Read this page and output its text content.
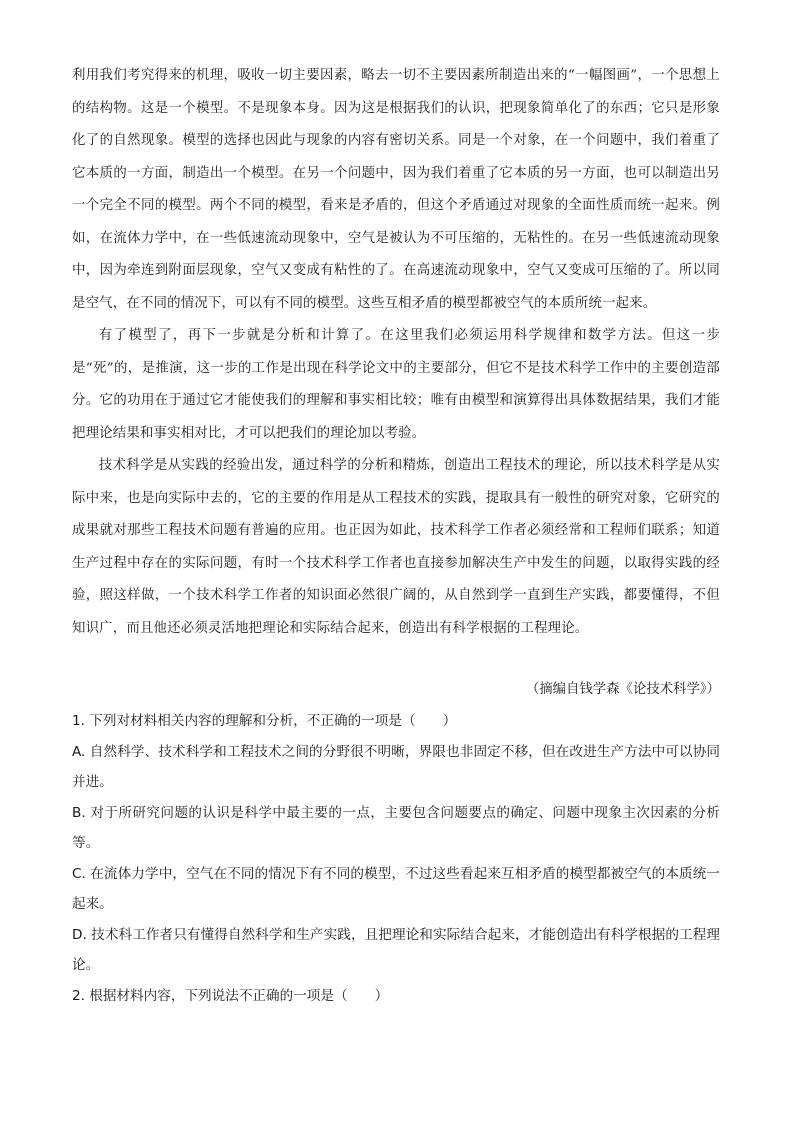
利用我们考究得来的机理，吸收一切主要因素，略去一切不主要因素所制造出来的“一幅图画”，一个思想上的结构物。这是一个模型。不是现象本身。因为这是根据我们的认识，把现象简单化了的东西；它只是形象化了的自然现象。模型的选择也因此与现象的内容有密切关系。同是一个对象，在一个问题中，我们着重了它本质的一方面，制造出一个模型。在另一个问题中，因为我们着重了它本质的另一方面，也可以制造出另一个完全不同的模型。两个不同的模型，看来是矛盾的，但这个矛盾通过对现象的全面性质而统一起来。例如，在流体力学中，在一些低速流动现象中，空气是被认为不可压缩的，无粘性的。在另一些低速流动现象中，因为牵连到附面层现象，空气又变成有粘性的了。在高速流动现象中，空气又变成可压缩的了。所以同是空气，在不同的情况下，可以有不同的模型。这些互相矛盾的模型都被空气的本质所统一起来。

有了模型了，再下一步就是分析和计算了。在这里我们必须运用科学规律和数学方法。但这一步是“死”的，是推演，这一步的工作是出现在科学论文中的主要部分，但它不是技术科学工作中的主要创造部分。它的功用在于通过它才能使我们的理解和事实相比较；唯有由模型和演算得出具体数据结果，我们才能把理论结果和事实相对比，才可以把我们的理论加以考验。

技术科学是从实践的经验出发，通过科学的分析和精炼，创造出工程技术的理论，所以技术科学是从实际中来，也是向实际中去的，它的主要的作用是从工程技术的实践，提取具有一般性的研究对象，它研究的成果就对那些工程技术问题有普遍的应用。也正因为如此，技术科学工作者必须经常和工程师们联系；知道生产过程中存在的实际问题，有时一个技术科学工作者也直接参加解决生产中发生的问题，以取得实践的经验，照这样做，一个技术科学工作者的知识面必然很广阔的，从自然到学一直到生产实践，都要懂得，不但知识广，而且他还必须灵活地把理论和实际结合起来，创造出有科学根据的工程理论。

（摘编自钱学森《论技术科学》）

1. 下列对材料相关内容的理解和分析，不正确的一项是（　　）

A. 自然科学、技术科学和工程技术之间的分野很不明晰，界限也非固定不移，但在改进生产方法中可以协同并进。

B. 对于所研究问题的认识是科学中最主要的一点，主要包含问题要点的确定、问题中现象主次因素的分析等。

C. 在流体力学中，空气在不同的情况下有不同的模型，不过这些看起来互相矛盾的模型都被空气的本质统一起来。

D. 技术科工作者只有懂得自然科学和生产实践，且把理论和实际结合起来，才能创造出有科学根据的工程理论。

2. 根据材料内容，下列说法不正确的一项是（　　）
